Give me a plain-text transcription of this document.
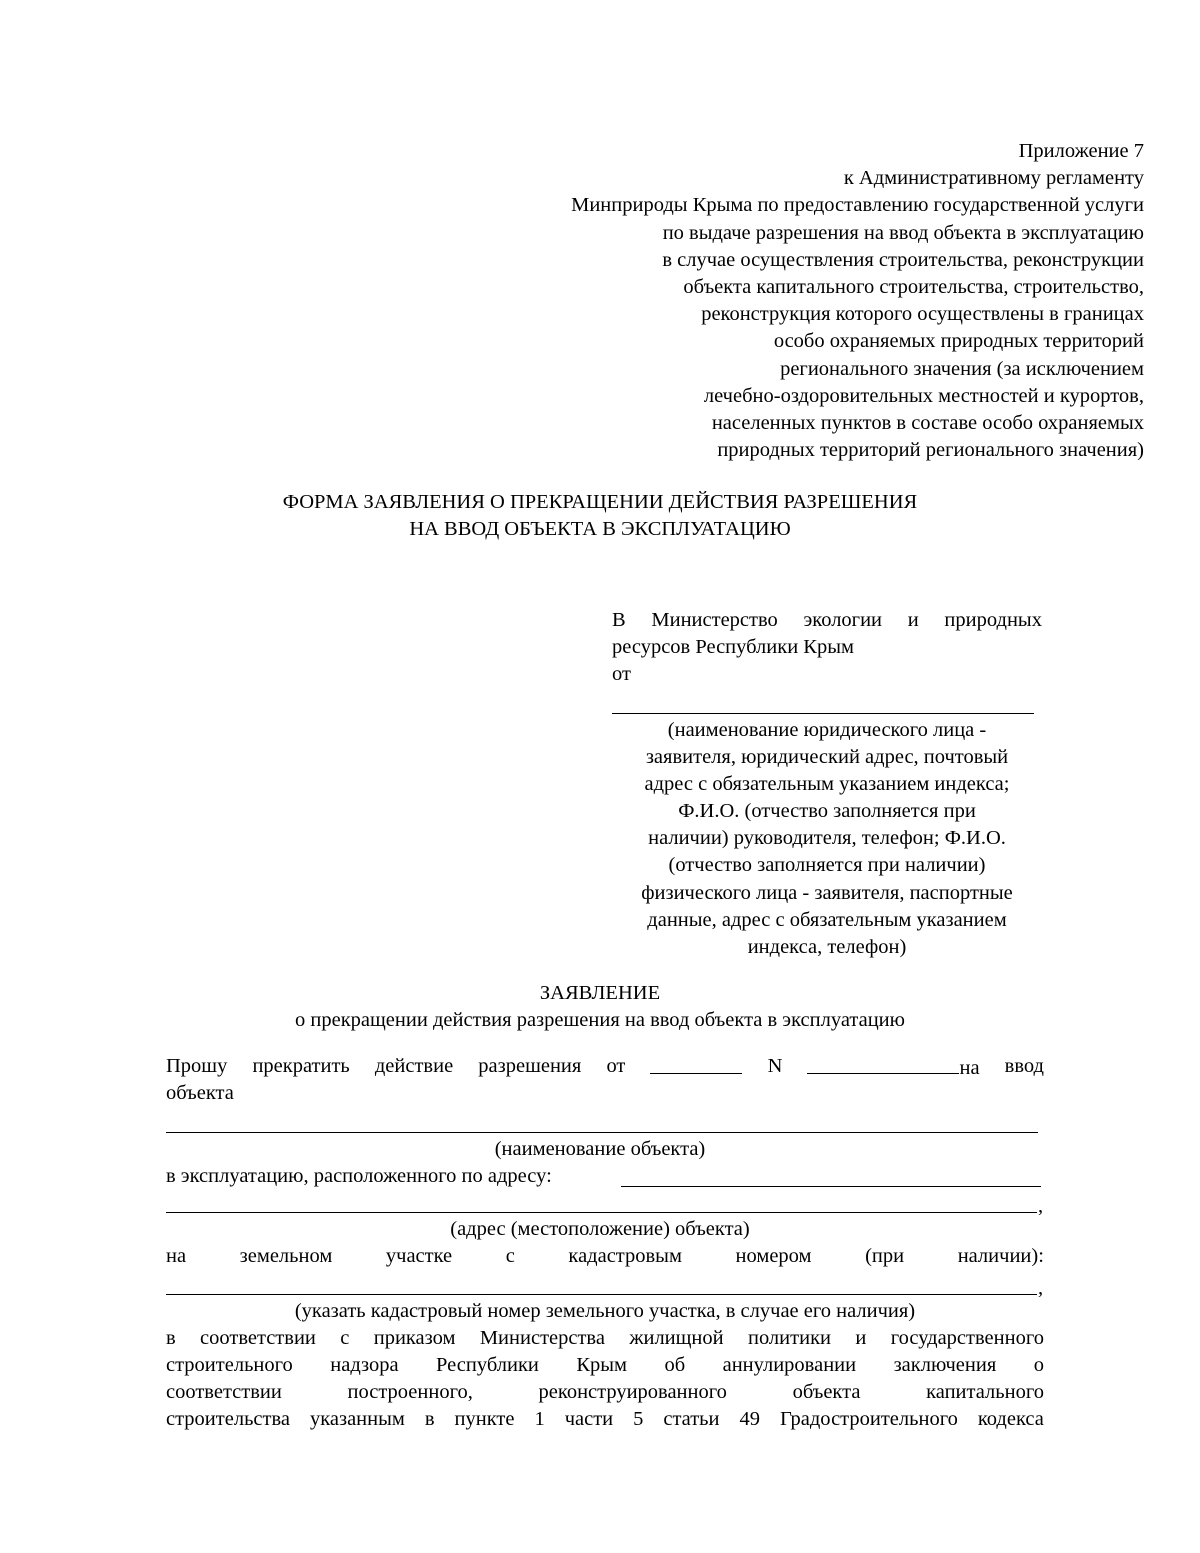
Приложение 7
к Административному регламенту
Минприроды Крыма по предоставлению государственной услуги
по выдаче разрешения на ввод объекта в эксплуатацию
в случае осуществления строительства, реконструкции
объекта капитального строительства, строительство,
реконструкция которого осуществлены в границах
особо охраняемых природных территорий
регионального значения (за исключением
лечебно-оздоровительных местностей и курортов,
населенных пунктов в составе особо охраняемых
природных территорий регионального значения)
ФОРМА ЗАЯВЛЕНИЯ О ПРЕКРАЩЕНИИ ДЕЙСТВИЯ РАЗРЕШЕНИЯ
НА ВВОД ОБЪЕКТА В ЭКСПЛУАТАЦИЮ
В Министерство экологии и природных
ресурсов Республики Крым
от
(наименование юридического лица -
заявителя, юридический адрес, почтовый
адрес с обязательным указанием индекса;
Ф.И.О. (отчество заполняется при
наличии) руководителя, телефон; Ф.И.О.
(отчество заполняется при наличии)
физического лица - заявителя, паспортные
данные, адрес с обязательным указанием
индекса, телефон)
ЗАЯВЛЕНИЕ
о прекращении действия разрешения на ввод объекта в эксплуатацию
Прошу прекратить действие разрешения от	N	на ввод
объекта
(наименование объекта)
в эксплуатацию, расположенного по адресу:
,
(адрес (местоположение) объекта)
на	земельном	участке	с	кадастровым	номером	(при	наличии):
,
(указать кадастровый номер земельного участка, в случае его наличия)
в соответствии с приказом Министерства жилищной политики и государственного
строительного надзора Республики Крым об аннулировании заключения о
соответствии	построенного,	реконструированного	объекта	капитального
строительства указанным в пункте 1 части 5 статьи 49 Градостроительного кодекса
